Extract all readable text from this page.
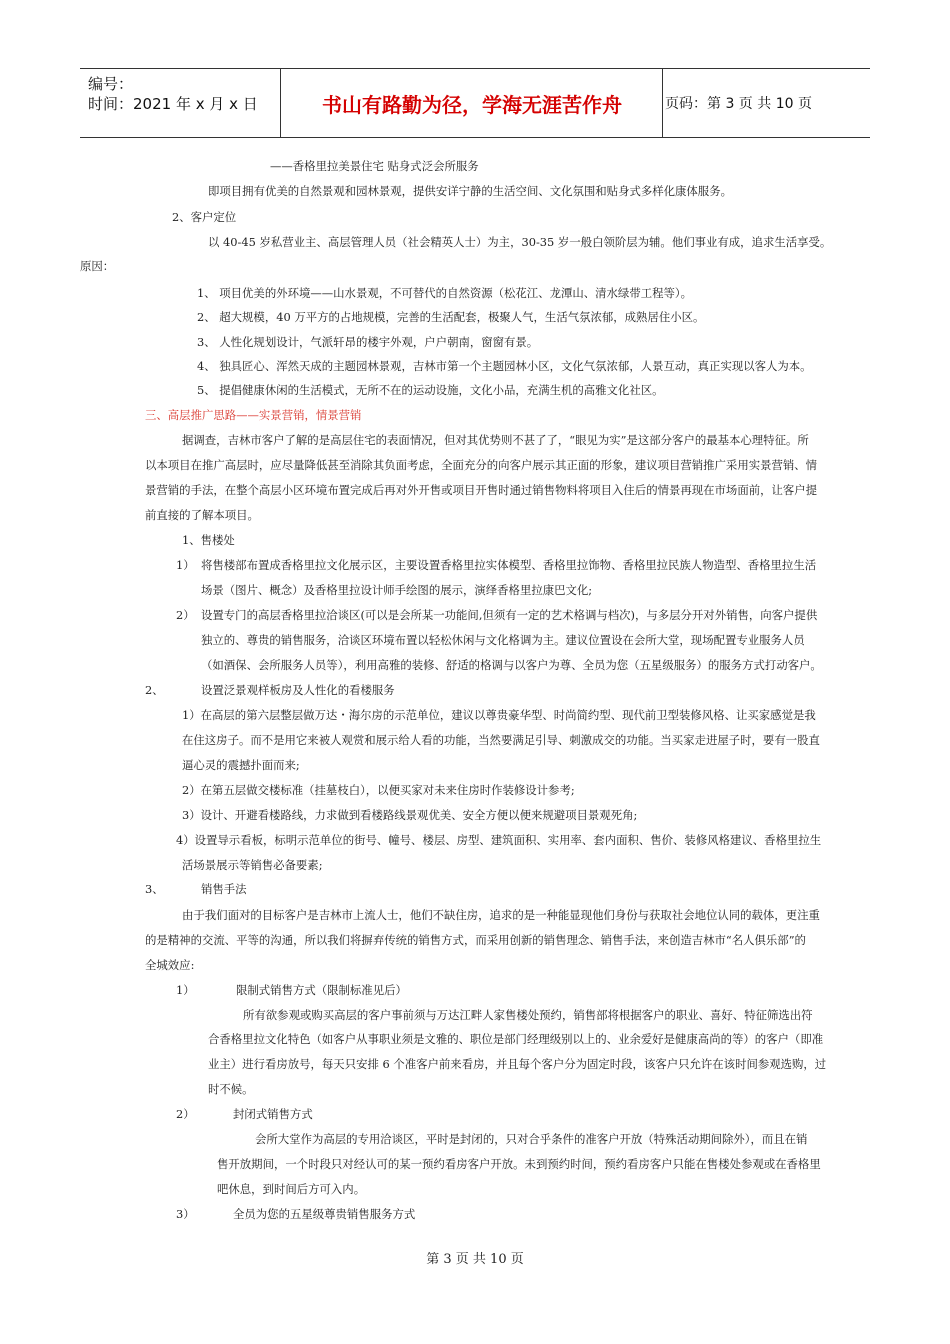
编号：
时间：2021 年 x 月 x 日	书山有路勤为径，学海无涯苦作舟	页码：第 3 页 共 10 页
——香格里拉美景住宅 贴身式泛会所服务
即项目拥有优美的自然景观和园林景观，提供安详宁静的生活空间、文化氛围和贴身式多样化康体服务。
2、客户定位
以 40-45 岁私营业主、高层管理人员（社会精英人士）为主，30-35 岁一般白领阶层为辅。他们事业有成，追求生活享受。
原因：
1、 项目优美的外环境——山水景观，不可替代的自然资源（松花江、龙潭山、清水绿带工程等）。
2、 超大规模，40 万平方的占地规模，完善的生活配套，极聚人气，生活气氛浓郁，成熟居住小区。
3、 人性化规划设计，气派轩昂的楼宇外观，户户朝南，窗窗有景。
4、 独具匠心、浑然天成的主题园林景观，吉林市第一个主题园林小区，文化气氛浓郁，人景互动，真正实现以客人为本。
5、 提倡健康休闲的生活模式，无所不在的运动设施，文化小品，充满生机的高雅文化社区。
三、高层推广思路——实景营销，情景营销
据调查，吉林市客户了解的是高层住宅的表面情况，但对其优势则不甚了了，“眼见为实”是这部分客户的最基本心理特征。所
以本项目在推广高层时，应尽量降低甚至消除其负面考虑，全面充分的向客户展示其正面的形象，建议项目营销推广采用实景营销、情
景营销的手法，在整个高层小区环境布置完成后再对外开售或项目开售时通过销售物料将项目入住后的情景再现在市场面前，让客户提
前直接的了解本项目。
1、售楼处
1） 将售楼部布置成香格里拉文化展示区，主要设置香格里拉实体模型、香格里拉饰物、香格里拉民族人物造型、香格里拉生活
场景（图片、概念）及香格里拉设计师手绘图的展示，演绎香格里拉康巴文化;
2） 设置专门的高层香格里拉洽谈区(可以是会所某一功能间,但须有一定的艺术格调与档次)，与多层分开对外销售，向客户提供
独立的、尊贵的销售服务，洽谈区环境布置以轻松休闲与文化格调为主。建议位置设在会所大堂，现场配置专业服务人员
（如酒保、会所服务人员等），利用高雅的装修、舒适的格调与以客户为尊、全员为您（五星级服务）的服务方式打动客户。
2、	设置泛景观样板房及人性化的看楼服务
1）在高层的第六层整层做万达・海尔房的示范单位，建议以尊贵豪华型、时尚简约型、现代前卫型装修风格、让买家感觉是我
在住这房子。而不是用它来被人观赏和展示给人看的功能，当然要满足引导、刺激成交的功能。当买家走进屋子时，要有一股直
逼心灵的震撼扑面而来;
2）在第五层做交楼标准（挂墓枝白），以便买家对未来住房时作装修设计参考;
3）设计、开避看楼路线，力求做到看楼路线景观优美、安全方便以便来规避项目景观死角;
4）设置导示看板，标明示范单位的街号、幢号、楼层、房型、建筑面积、实用率、套内面积、售价、装修风格建议、香格里拉生
活场景展示等销售必备要素;
3、	销售手法
由于我们面对的目标客户是吉林市上流人士，他们不缺住房，追求的是一种能显现他们身份与获取社会地位认同的载体，更注重
的是精神的交流、平等的沟通，所以我们将摒弃传统的销售方式，而采用创新的销售理念、销售手法，来创造吉林市“名人俱乐部”的
全城效应:
1）	限制式销售方式（限制标准见后）
所有欲参观或购买高层的客户事前须与万达江畔人家售楼处预约，销售部将根据客户的职业、喜好、特征筛选出符
合香格里拉文化特色（如客户从事职业须是文雅的、职位是部门经理级别以上的、业余爱好是健康高尚的等）的客户（即准
业主）进行看房放号，每天只安排 6 个准客户前来看房，并且每个客户分为固定时段，该客户只允许在该时间参观选购，过
时不候。
2）	封闭式销售方式
会所大堂作为高层的专用洽谈区，平时是封闭的，只对合乎条件的准客户开放（特殊活动期间除外），而且在销
售开放期间，一个时段只对经认可的某一预约看房客户开放。未到预约时间，预约看房客户只能在售楼处参观或在香格里
吧休息，到时间后方可入内。
3）	全员为您的五星级尊贵销售服务方式
第 3 页 共 10 页
